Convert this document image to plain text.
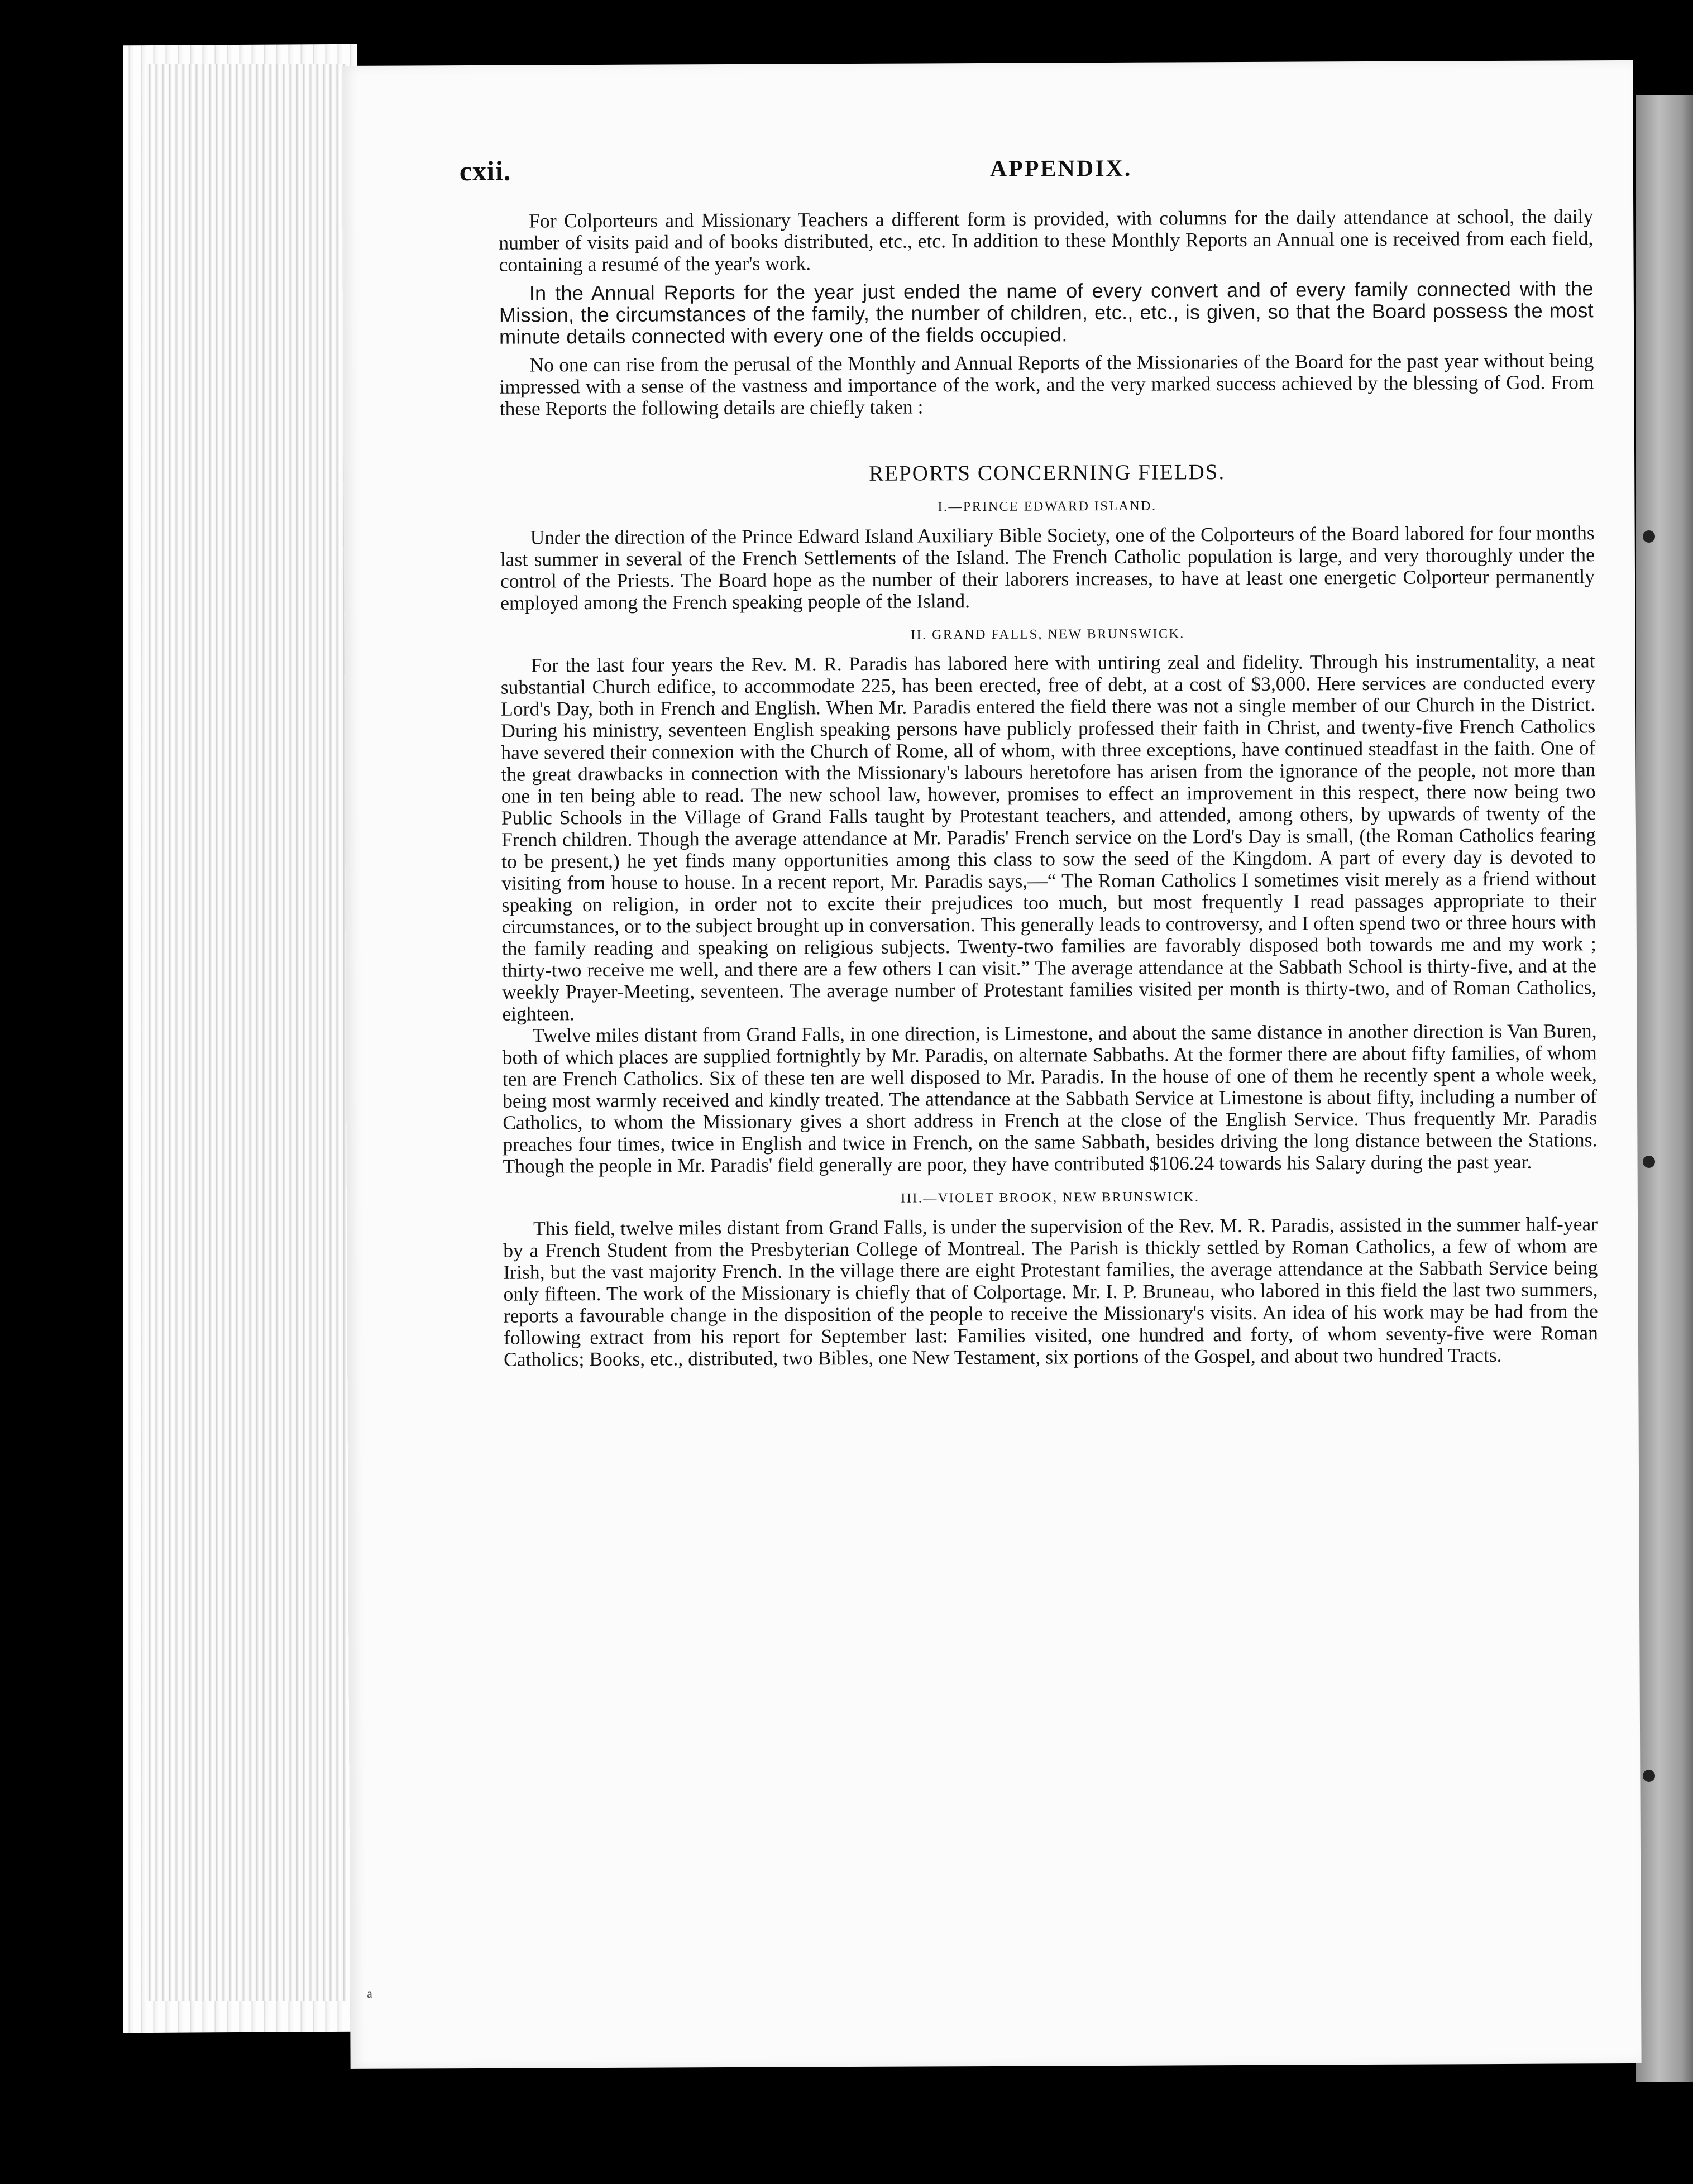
cxii.	APPENDIX.

For Colporteurs and Missionary Teachers a different form is provided, with columns for the daily attendance at school, the daily number of visits paid and of books distributed, etc., etc. In addition to these Monthly Reports an Annual one is received from each field, containing a resumé of the year's work.

In the Annual Reports for the year just ended the name of every convert and of every family connected with the Mission, the circumstances of the family, the number of children, etc., etc., is given, so that the Board possess the most minute details connected with every one of the fields occupied.

No one can rise from the perusal of the Monthly and Annual Reports of the Missionaries of the Board for the past year without being impressed with a sense of the vastness and importance of the work, and the very marked success achieved by the blessing of God. From these Reports the following details are chiefly taken :

REPORTS CONCERNING FIELDS.
I.—PRINCE EDWARD ISLAND.

Under the direction of the Prince Edward Island Auxiliary Bible Society, one of the Colporteurs of the Board labored for four months last summer in several of the French Settlements of the Island. The French Catholic population is large, and very thoroughly under the control of the Priests. The Board hope as the number of their laborers increases, to have at least one energetic Colporteur permanently employed among the French speaking people of the Island.

II. GRAND FALLS, NEW BRUNSWICK.

For the last four years the Rev. M. R. Paradis has labored here with untiring zeal and fidelity. Through his instrumentality, a neat substantial Church edifice, to accommodate 225, has been erected, free of debt, at a cost of $3,000. Here services are conducted every Lord's Day, both in French and English. When Mr. Paradis entered the field there was not a single member of our Church in the District. During his ministry, seventeen English speaking persons have publicly professed their faith in Christ, and twenty-five French Catholics have severed their connexion with the Church of Rome, all of whom, with three exceptions, have continued steadfast in the faith. One of the great drawbacks in connection with the Missionary's labours heretofore has arisen from the ignorance of the people, not more than one in ten being able to read. The new school law, however, promises to effect an improvement in this respect, there now being two Public Schools in the Village of Grand Falls taught by Protestant teachers, and attended, among others, by upwards of twenty of the French children. Though the average attendance at Mr. Paradis' French service on the Lord's Day is small, (the Roman Catholics fearing to be present,) he yet finds many opportunities among this class to sow the seed of the Kingdom. A part of every day is devoted to visiting from house to house. In a recent report, Mr. Paradis says,—“ The Roman Catholics I sometimes visit merely as a friend without speaking on religion, in order not to excite their prejudices too much, but most frequently I read passages appropriate to their circumstances, or to the subject brought up in conversation. This generally leads to controversy, and I often spend two or three hours with the family reading and speaking on religious subjects. Twenty-two families are favorably disposed both towards me and my work ; thirty-two receive me well, and there are a few others I can visit.” The average attendance at the Sabbath School is thirty-five, and at the weekly Prayer-Meeting, seventeen. The average number of Protestant families visited per month is thirty-two, and of Roman Catholics, eighteen.

Twelve miles distant from Grand Falls, in one direction, is Limestone, and about the same distance in another direction is Van Buren, both of which places are supplied fortnightly by Mr. Paradis, on alternate Sabbaths. At the former there are about fifty families, of whom ten are French Catholics. Six of these ten are well disposed to Mr. Paradis. In the house of one of them he recently spent a whole week, being most warmly received and kindly treated. The attendance at the Sabbath Service at Limestone is about fifty, including a number of Catholics, to whom the Missionary gives a short address in French at the close of the English Service. Thus frequently Mr. Paradis preaches four times, twice in English and twice in French, on the same Sabbath, besides driving the long distance between the Stations. Though the people in Mr. Paradis' field generally are poor, they have contributed $106.24 towards his Salary during the past year.

III.—VIOLET BROOK, NEW BRUNSWICK.

This field, twelve miles distant from Grand Falls, is under the supervision of the Rev. M. R. Paradis, assisted in the summer half-year by a French Student from the Presbyterian College of Montreal. The Parish is thickly settled by Roman Catholics, a few of whom are Irish, but the vast majority French. In the village there are eight Protestant families, the average attendance at the Sabbath Service being only fifteen. The work of the Missionary is chiefly that of Colportage. Mr. I. P. Bruneau, who labored in this field the last two summers, reports a favourable change in the disposition of the people to receive the Missionary's visits. An idea of his work may be had from the following extract from his report for September last: Families visited, one hundred and forty, of whom seventy-five were Roman Catholics; Books, etc., distributed, two Bibles, one New Testament, six portions of the Gospel, and about two hundred Tracts.

a
